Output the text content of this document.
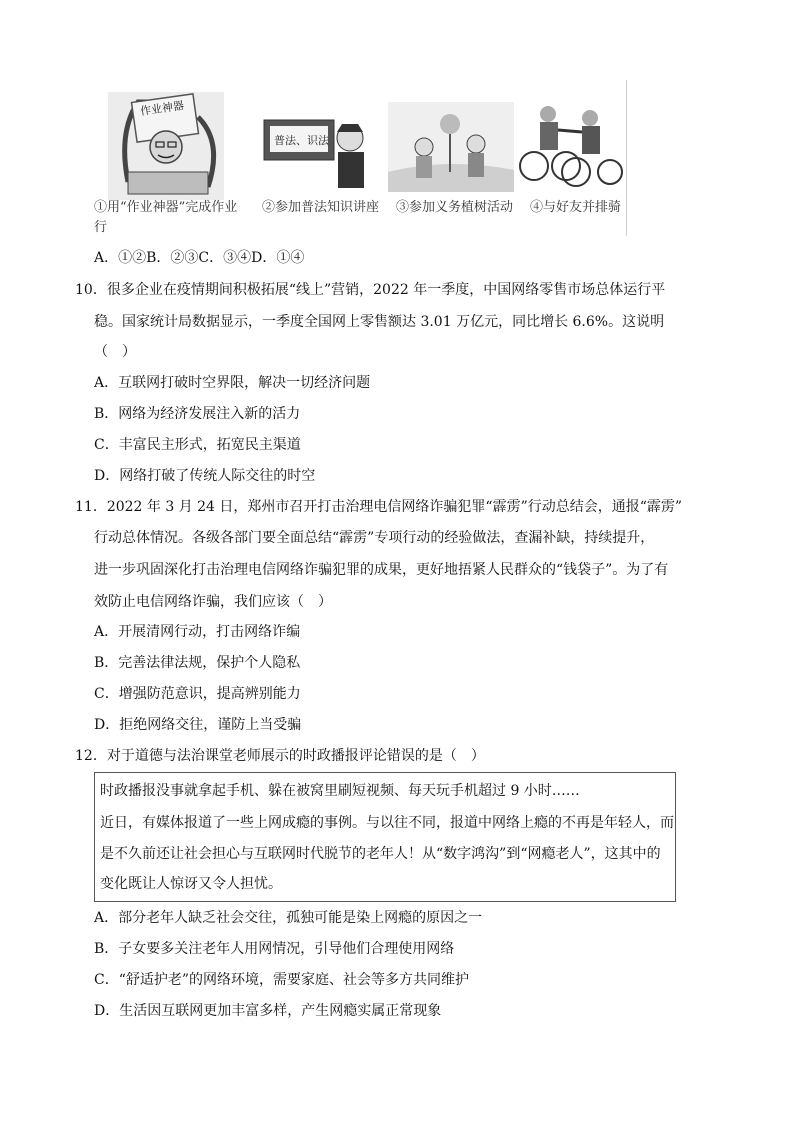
作业神器
普法、识法
①用“作业神器”完成作业 ②参加普法知识讲座 ③参加义务植树活动 ④与好友并排骑
行
A．①②B．②③C．③④D．①④
10．很多企业在疫情期间积极拓展“线上”营销，2022 年一季度，中国网络零售市场总体运行平
稳。国家统计局数据显示，一季度全国网上零售额达 3.01 万亿元，同比增长 6.6%。这说明
（　）
A．互联网打破时空界限，解决一切经济问题
B．网络为经济发展注入新的活力
C．丰富民主形式，拓宽民主渠道
D．网络打破了传统人际交往的时空
11．2022 年 3 月 24 日，郑州市召开打击治理电信网络诈骗犯罪“霹雳”行动总结会，通报“霹雳”
行动总体情况。各级各部门要全面总结“霹雳”专项行动的经验做法，查漏补缺，持续提升，
进一步巩固深化打击治理电信网络诈骗犯罪的成果，更好地捂紧人民群众的“钱袋子”。为了有
效防止电信网络诈骗，我们应该（　）
A．开展清网行动，打击网络诈编
B．完善法律法规，保护个人隐私
C．增强防范意识，提高辨别能力
D．拒绝网络交往，谨防上当受骗
12．对于道德与法治课堂老师展示的时政播报评论错误的是（　）
时政播报没事就拿起手机、躲在被窝里刷短视频、每天玩手机超过 9 小时……
近日，有媒体报道了一些上网成瘾的事例。与以往不同，报道中网络上瘾的不再是年轻人，而
是不久前还让社会担心与互联网时代脱节的老年人！从“数字鸿沟”到“网瘾老人”，这其中的
变化既让人惊讶又令人担忧。
A．部分老年人缺乏社会交往，孤独可能是染上网瘾的原因之一
B．子女要多关注老年人用网情况，引导他们合理使用网络
C．“舒适护老”的网络环境，需要家庭、社会等多方共同维护
D．生活因互联网更加丰富多样，产生网瘾实属正常现象
